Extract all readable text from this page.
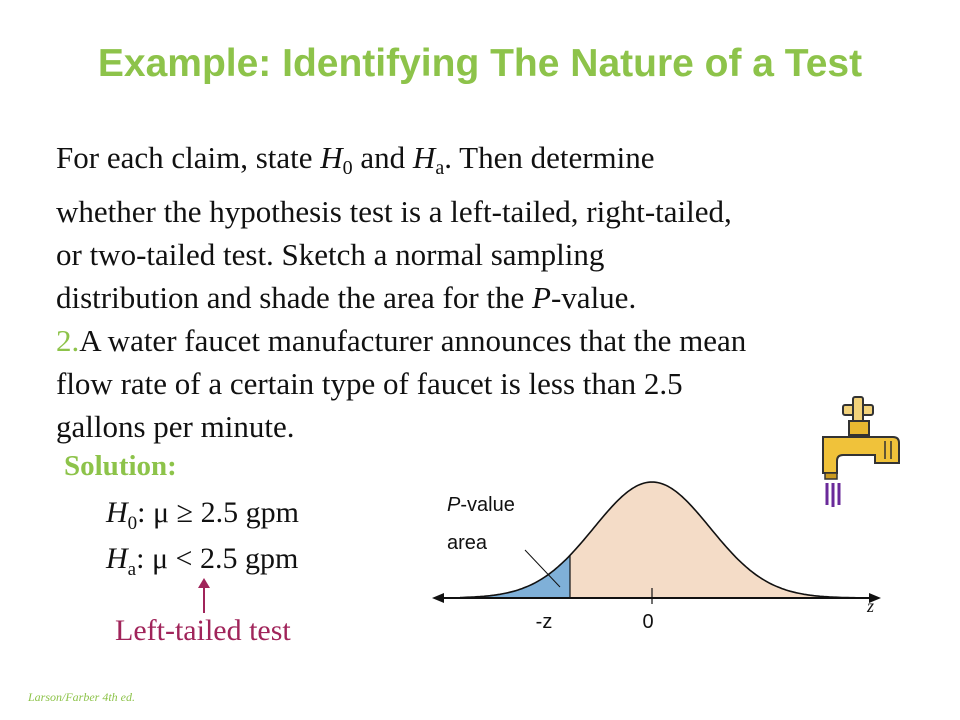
Example: Identifying The Nature of a Test

For each claim, state $H_0$ and $H_a$. Then determine
whether the hypothesis test is a left-tailed, right-tailed,
or two-tailed test. Sketch a normal sampling
distribution and shade the area for the P-value.
2.A water faucet manufacturer announces that the mean
flow rate of a certain type of faucet is less than 2.5
gallons per minute.

Solution:

$H_0$: μ ≥ 2.5 gpm

$H_a$: μ < 2.5 gpm

Left-tailed test

P-value
area

-z	0
z

Larson/Farber 4th ed.
